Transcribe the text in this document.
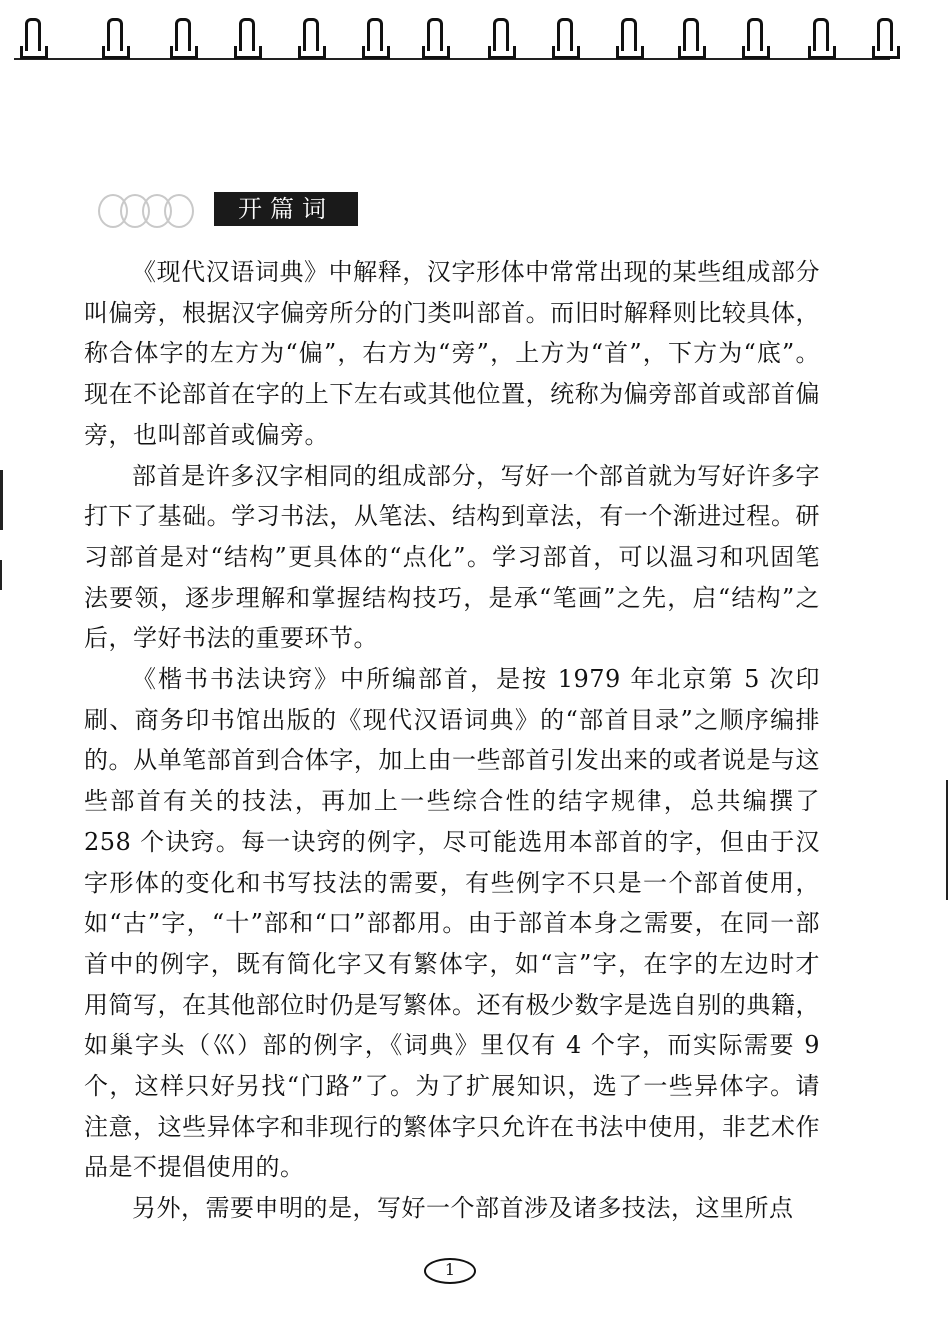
开篇词

《现代汉语词典》中解释，汉字形体中常常出现的某些组成部分叫偏旁，根据汉字偏旁所分的门类叫部首。而旧时解释则比较具体，称合体字的左方为“偏”，右方为“旁”，上方为“首”，下方为“底”。现在不论部首在字的上下左右或其他位置，统称为偏旁部首或部首偏旁，也叫部首或偏旁。

部首是许多汉字相同的组成部分，写好一个部首就为写好许多字打下了基础。学习书法，从笔法、结构到章法，有一个渐进过程。研习部首是对“结构”更具体的“点化”。学习部首，可以温习和巩固笔法要领，逐步理解和掌握结构技巧，是承“笔画”之先，启“结构”之后，学好书法的重要环节。

《楷书书法诀窍》中所编部首，是按 1979 年北京第 5 次印刷、商务印书馆出版的《现代汉语词典》的“部首目录”之顺序编排的。从单笔部首到合体字，加上由一些部首引发出来的或者说是与这些部首有关的技法，再加上一些综合性的结字规律，总共编撰了 258 个诀窍。每一诀窍的例字，尽可能选用本部首的字，但由于汉字形体的变化和书写技法的需要，有些例字不只是一个部首使用，如“古”字，“十”部和“口”部都用。由于部首本身之需要，在同一部首中的例字，既有简化字又有繁体字，如“言”字，在字的左边时才用简写，在其他部位时仍是写繁体。还有极少数字是选自别的典籍，如巢字头（巛）部的例字，《词典》里仅有 4 个字，而实际需要 9 个，这样只好另找“门路”了。为了扩展知识，选了一些异体字。请注意，这些异体字和非现行的繁体字只允许在书法中使用，非艺术作品是不提倡使用的。

另外，需要申明的是，写好一个部首涉及诸多技法，这里所点

1
